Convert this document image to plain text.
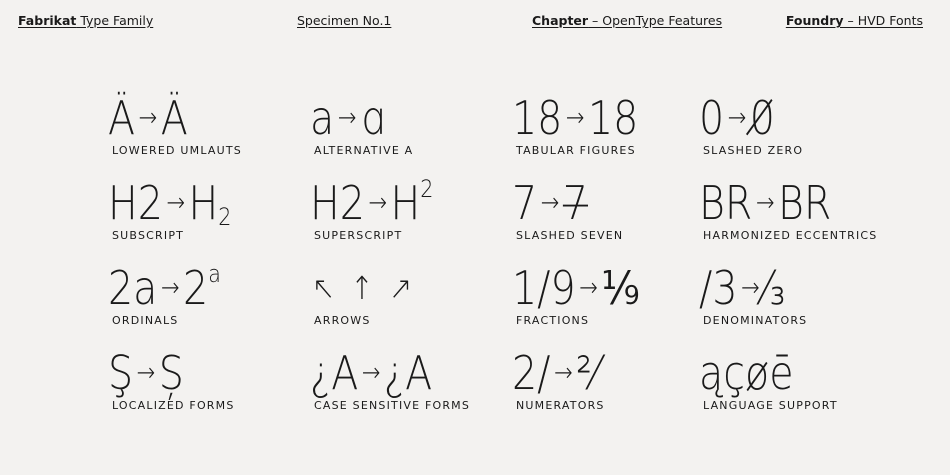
Fabrikat Type Family	Specimen No.1	Chapter – OpenType Features	Foundry – HVD Fonts
Ä →Ä
LOWERED UMLAUTS
a →ɑ
ALTERNATIVE A
18 →18
TABULAR FIGURES
0 →0̸
SLASHED ZERO
$H2 \to H_2$
SUBSCRIPT
$H2 \to H^2$
SUPERSCRIPT
7 →7̶
SLASHED SEVEN
BR →BR
HARMONIZED ECCENTRICS
$2a \to 2^a$
ORDINALS
↖ ↑ ↗
ARROWS
1/9 →⅑
FRACTIONS
/3 →⁄₃
DENOMINATORS
Ş →Ș
LOCALIZED FORMS
¿A →¿A
CASE SENSITIVE FORMS
2/ →²⁄
NUMERATORS
ąçøē
LANGUAGE SUPPORT
